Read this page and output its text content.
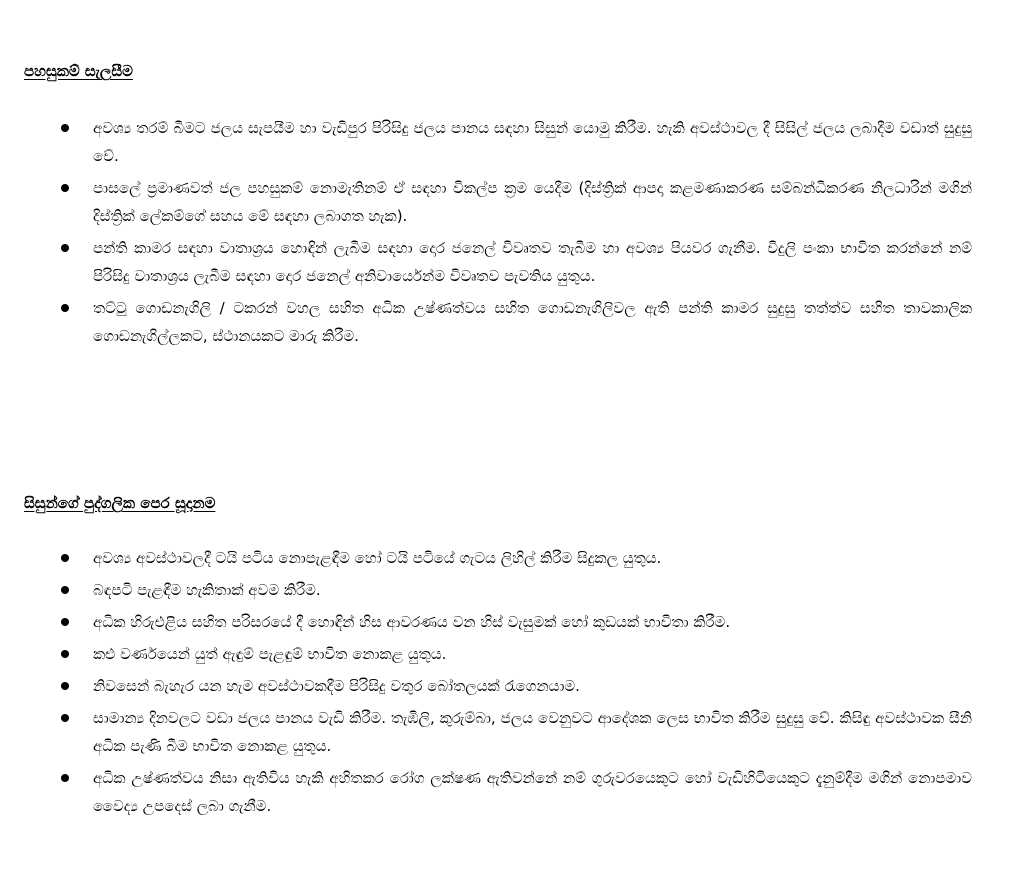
පහසුකම් සැලසීම
අවශ්‍ය තරම් බීමට ජලය සැපයීම හා වැඩිපුර පිරිසිදු ජලය පානය සඳහා සිසුන් යොමු කිරීම. හැකි අවස්ථාවල දී සිසිල් ජලය ලබාදීම වඩාත් සුදුසු වේ.
පාසලේ ප්‍රමාණවත් ජල පහසුකම් නොමැතිනම් ඒ සඳහා විකල්ප ක්‍රම යෙදීම (දිස්ත්‍රික් ආපදා කළමණාකරණ සම්බන්ධීකරණ නිලධාරින් මගින් දිස්ත්‍රික් ලේකම්ගේ සහය මේ සඳහා ලබාගත හැක).
පන්ති කාමර සඳහා වාතාශ්‍රය හොඳින් ලැබීම සඳහා දොර ජනෙල් විවෘතව තැබීම හා අවශ්‍ය පියවර ගැනීම. විදුලි පංකා භාවිත කරන්නේ නම් පිරිසිදු වාතාශ්‍රය ලැබීම සඳහා දොර ජනෙල් අනිවාර්යෙන්ම විවෘතව පැවතිය යුතුය.
තට්ටු ගොඩනැගිලි / ටකරන් වහල සහිත අධික උෂ්ණත්වය සහිත ගොඩනැගිලිවල ඇති පන්ති කාමර සුදුසු තත්ත්ව සහිත තාවකාලික ගොඩනැගිල්ලකට, ස්ථානයකට මාරු කිරීම.
සිසුන්ගේ පුද්ගලික පෙර සූදානම
අවශ්‍ය අවස්ථාවලදී ටයි පටිය නොපැළඳීම හෝ ටයි පටියේ ගැටය ලිහිල් කිරීම සිදුකල යුතුය.
බඳපටි පැළඳීම හැකිතාක් අවම කිරීම.
අධික හිරුඑළිය සහිත පරිසරයේ දී හොඳින් හිස ආවරණය වන හිස් වැසුමක් හෝ කුඩයක් භාවිතා කිරීම.
කළු වර්ණයෙන් යුත් ඇඳුම් පැළඳුම් භාවිත නොකළ යුතුය.
නිවසෙන් බැහැර යන හැම අවස්ථාවකදීම පිරිසිදු වතුර බෝතලයක් රැගෙනයාම.
සාමාන්‍ය දිනවලට වඩා ජලය පානය වැඩි කිරීම. තැඹිලි, කුරුම්බා, ජලය වෙනුවට ආදේශක ලෙස භාවිත කිරීම සුදුසු වේ. කිසිඳු අවස්ථාවක සීනි අධික පැණි බීම භාවිත නොකළ යුතුය.
අධික උෂ්ණත්වය නිසා ඇතිවිය හැකි අහිතකර රෝග ලක්ෂණ ඇතිවන්නේ නම් ගුරුවරයෙකුට හෝ වැඩිහිටියෙකුට දැනුම්දීම මගින් නොපමාව වෛද්‍ය උපදෙස් ලබා ගැනීම.
